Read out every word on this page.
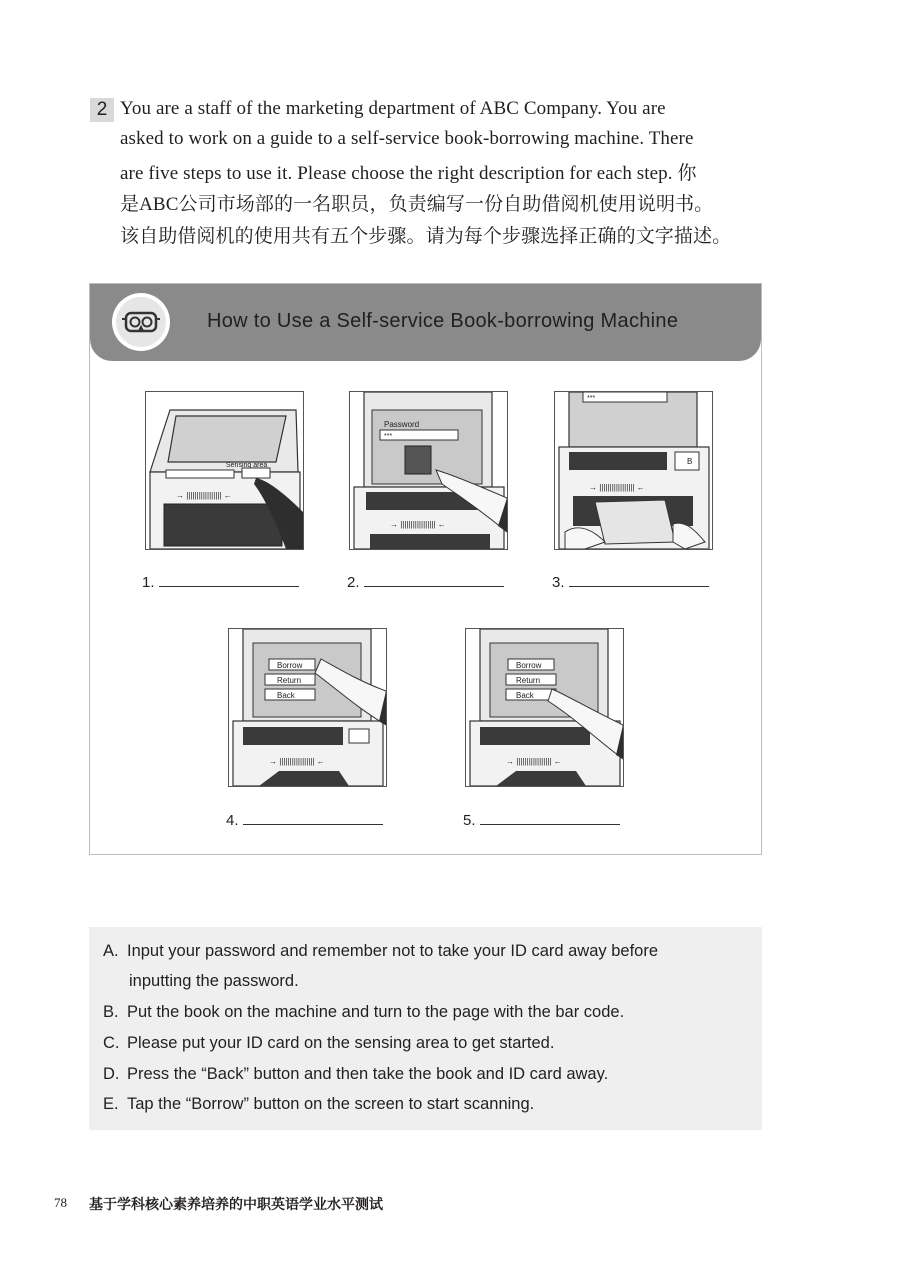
2 You are a staff of the marketing department of ABC Company. You are
asked to work on a guide to a self-service book-borrowing machine. There
are five steps to use it. Please choose the right description for each step. 你
是ABC公司市场部的一名职员，负责编写一份自助借阅机使用说明书。
该自助借阅机的使用共有五个步骤。请为每个步骤选择正确的文字描述。
How to Use a Self-service Book-borrowing Machine
Sensing area
→ ||||||||||||||||| ←
Password
***
→ ||||||||||||||||| ←
***
B
→ ||||||||||||||||| ←
1.	2.	3.
Borrow
Return
Back
→ ||||||||||||||||| ←
Borrow
Return
Back
→ ||||||||||||||||| ←
4.	5.
A. Input your password and remember not to take your ID card away before
inputting the password.
B. Put the book on the machine and turn to the page with the bar code.
C. Please put your ID card on the sensing area to get started.
D. Press the “Back” button and then take the book and ID card away.
E. Tap the “Borrow” button on the screen to start scanning.
78 基于学科核心素养培养的中职英语学业水平测试
